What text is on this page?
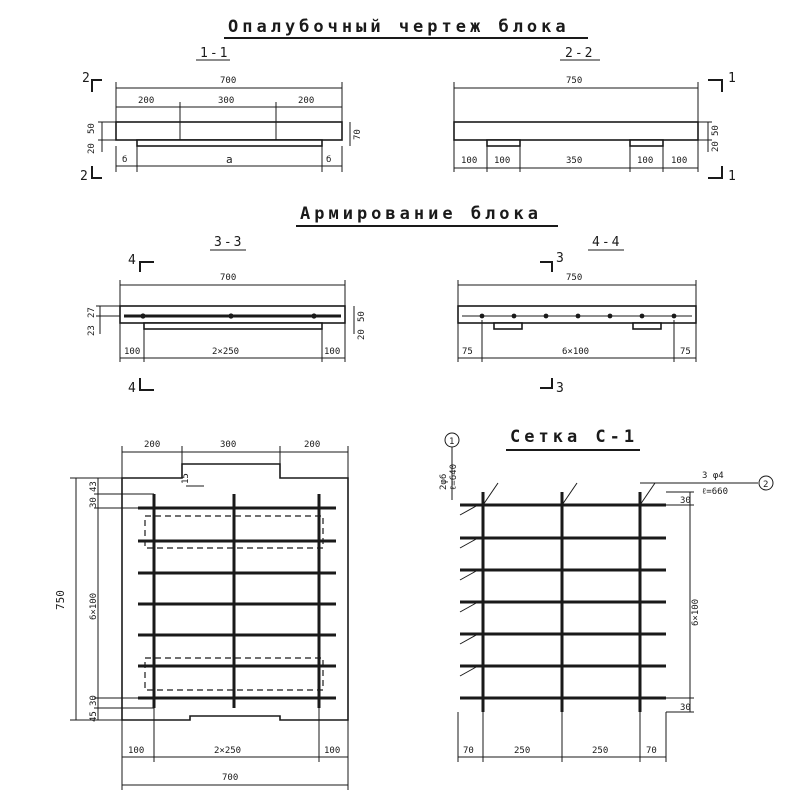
Опалубочный чертеж блока
1-1
2
2
700
200	300	200
50
20
70
б	а	б
2-2
1
1
750
50
20
100 100	350	100 100
Армирование блока
3-3
4
4
700
27
23
50
20
100	2×250	100
4-4
3
3
750
75	6×100	75
200	300	200
15
750
43
30
6×100
30
45
100	2×250	100
700
Сетка С-1
1
2φ6 ℓ=640	3 φ4
ℓ=660
2
30
6×100
30
70	250	250	70
